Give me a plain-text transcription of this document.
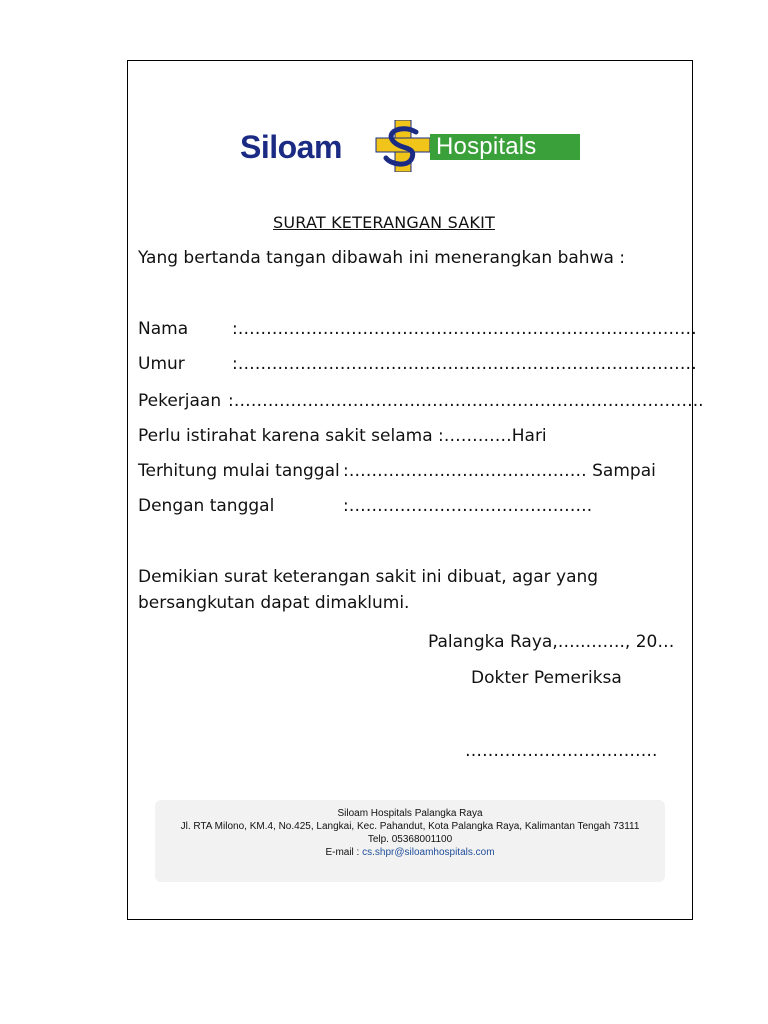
Siloam	Hospitals
SURAT KETERANGAN SAKIT
Yang bertanda tangan dibawah ini menerangkan bahwa :
Nama	:………………………………………………………………………
Umur	:………………………………………………………………………
Pekerjaan :………………………………………………………………………..
Perlu istirahat karena sakit selama :…………Hari
Terhitung mulai tanggal :…………………………………… Sampai
Dengan tanggal	:…………………………………….
Demikian surat keterangan sakit ini dibuat, agar yang
bersangkutan dapat dimaklumi.
Palangka Raya,…..……., 20…
Dokter Pemeriksa
…………………………….
Siloam Hospitals Palangka Raya
Jl. RTA Milono, KM.4, No.425, Langkai, Kec. Pahandut, Kota Palangka Raya, Kalimantan Tengah 73111
Telp. 05368001100
E-mail : cs.shpr@siloamhospitals.com
